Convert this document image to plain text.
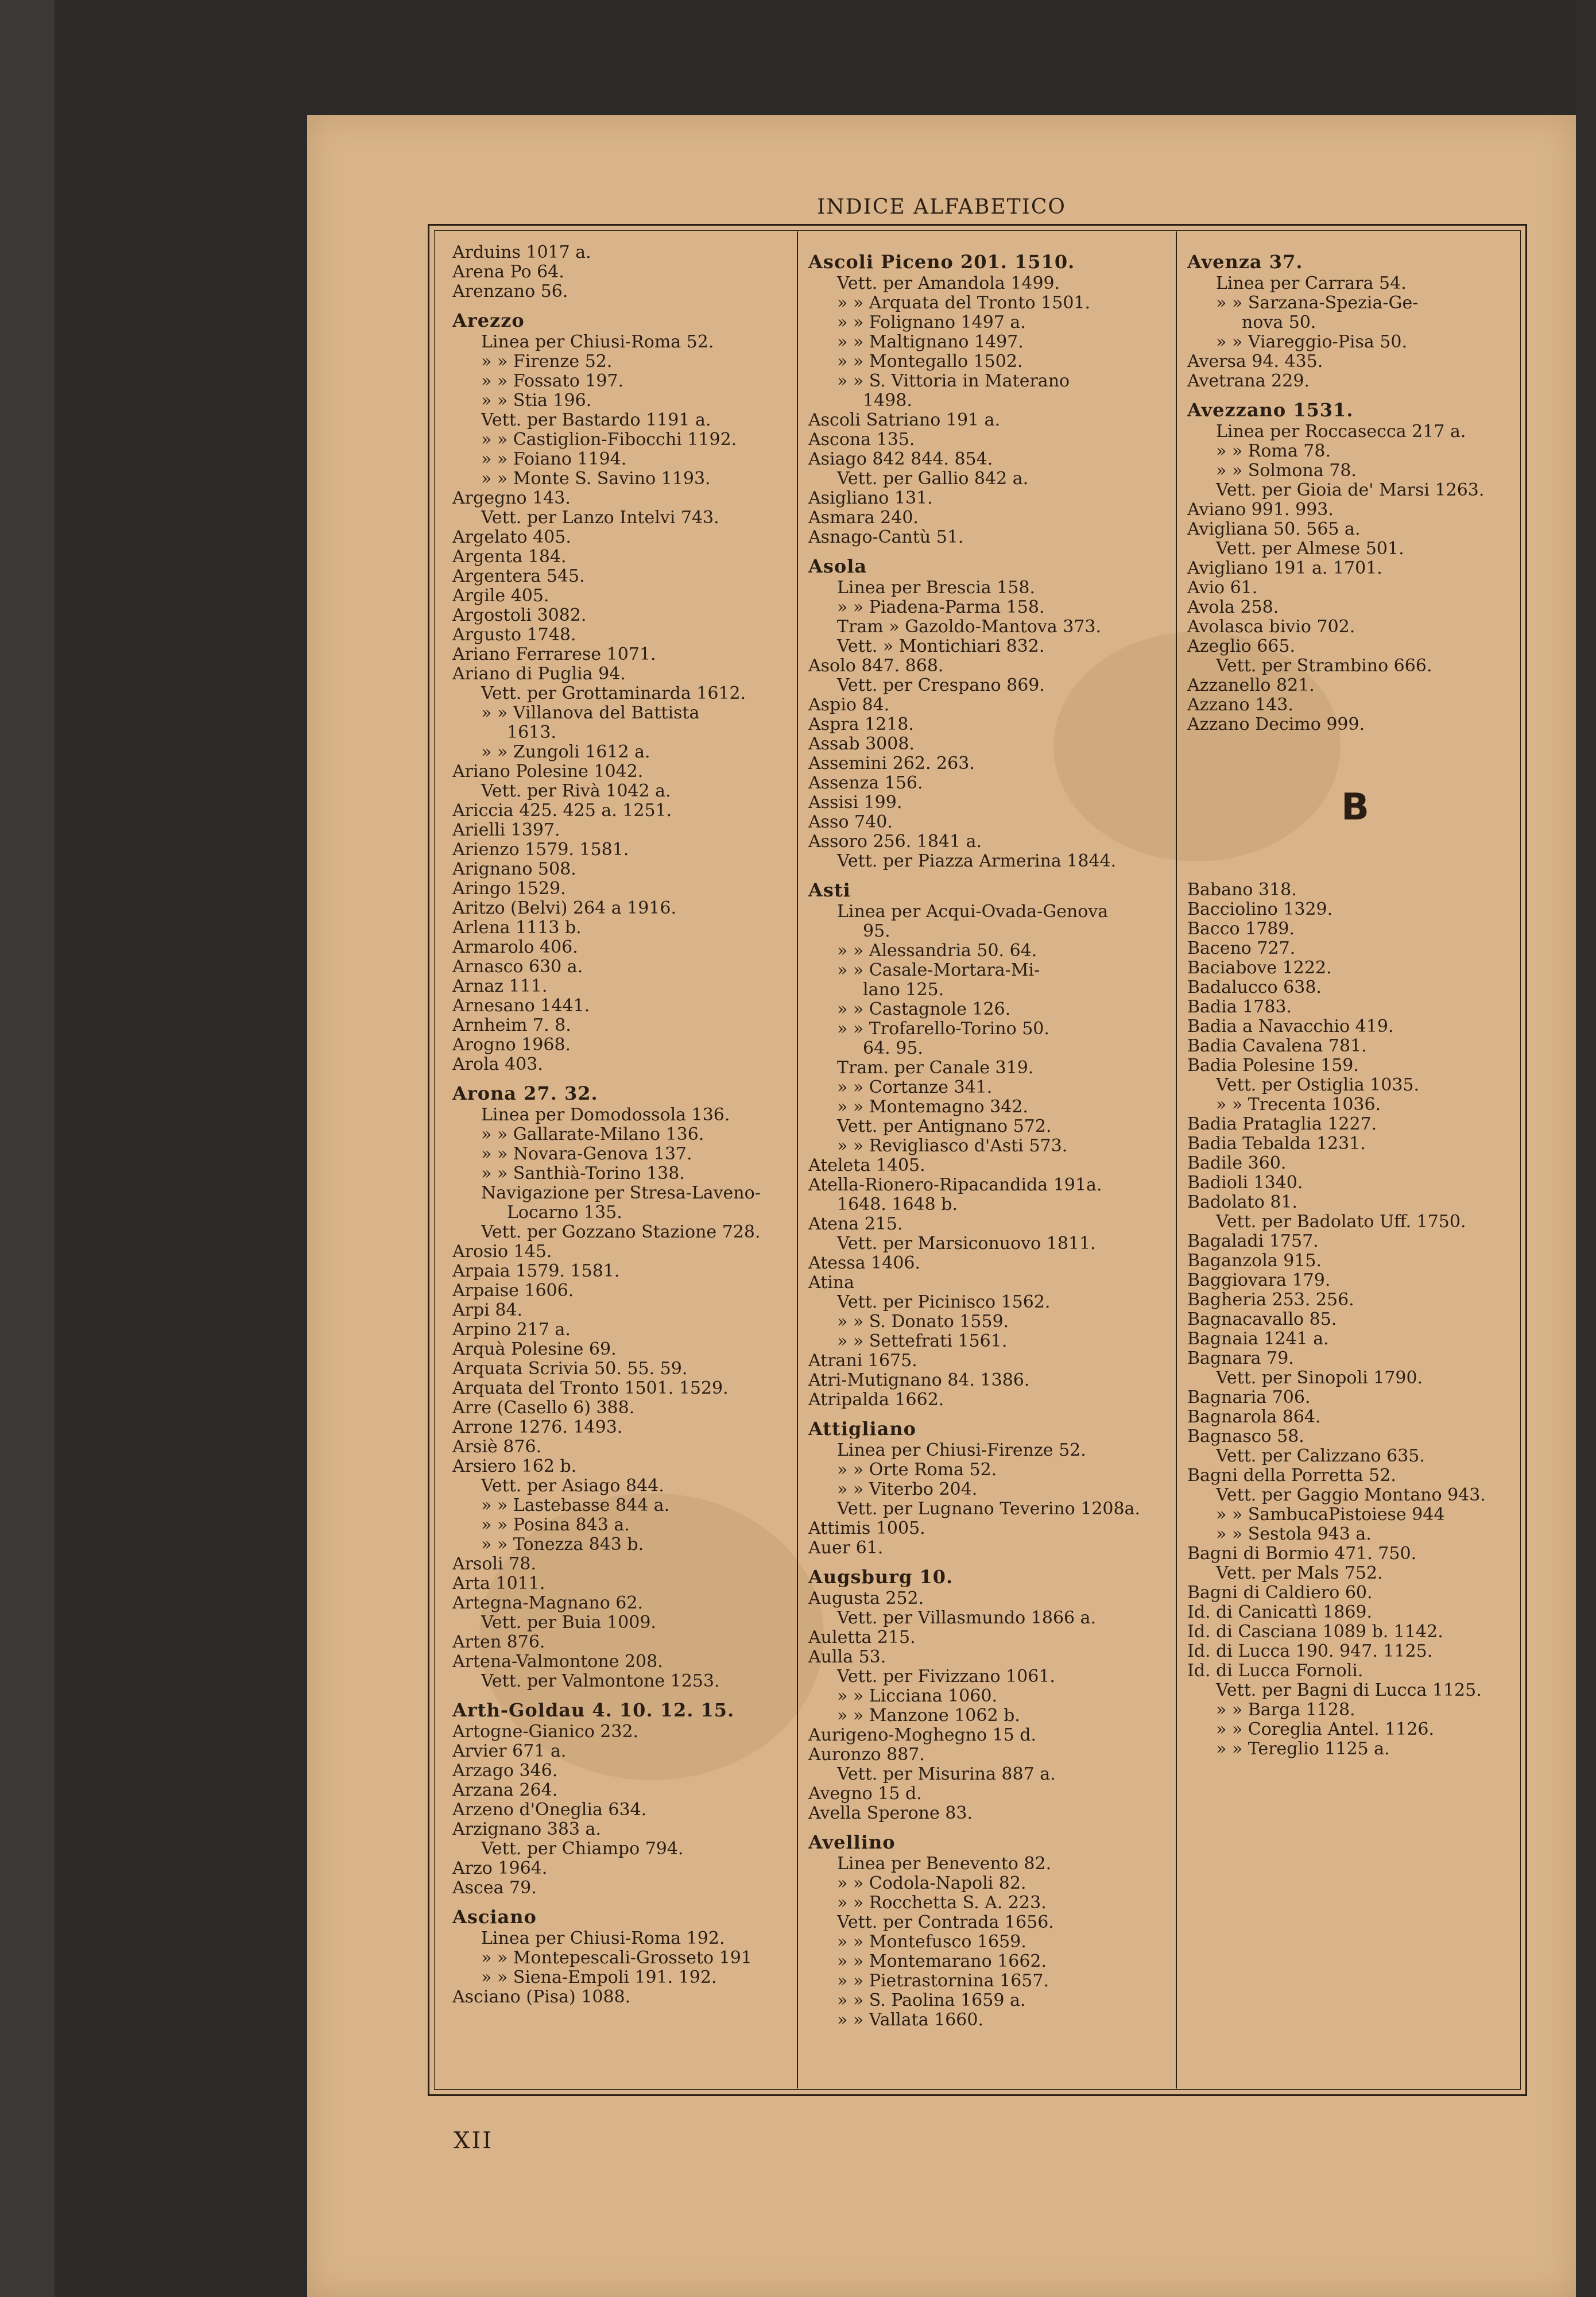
INDICE ALFABETICO
Arduins 1017 a.
Arena Po 64.
Arenzano 56.
Arezzo
Linea per Chiusi-Roma 52.
» » Firenze 52.
» » Fossato 197.
» » Stia 196.
Vett. per Bastardo 1191 a.
» » Castiglion-Fibocchi 1192.
» » Foiano 1194.
» » Monte S. Savino 1193.
Argegno 143.
Vett. per Lanzo Intelvi 743.
Argelato 405.
Argenta 184.
Argentera 545.
Argile 405.
Argostoli 3082.
Argusto 1748.
Ariano Ferrarese 1071.
Ariano di Puglia 94.
Vett. per Grottaminarda 1612.
» » Villanova del Battista
1613.
» » Zungoli 1612 a.
Ariano Polesine 1042.
Vett. per Rivà 1042 a.
Ariccia 425. 425 a. 1251.
Arielli 1397.
Arienzo 1579. 1581.
Arignano 508.
Aringo 1529.
Aritzo (Belvi) 264 a 1916.
Arlena 1113 b.
Armarolo 406.
Arnasco 630 a.
Arnaz 111.
Arnesano 1441.
Arnheim 7. 8.
Arogno 1968.
Arola 403.
Arona 27. 32.
Linea per Domodossola 136.
» » Gallarate-Milano 136.
» » Novara-Genova 137.
» » Santhià-Torino 138.
Navigazione per Stresa-Laveno-
Locarno 135.
Vett. per Gozzano Stazione 728.
Arosio 145.
Arpaia 1579. 1581.
Arpaise 1606.
Arpi 84.
Arpino 217 a.
Arquà Polesine 69.
Arquata Scrivia 50. 55. 59.
Arquata del Tronto 1501. 1529.
Arre (Casello 6) 388.
Arrone 1276. 1493.
Arsiè 876.
Arsiero 162 b.
Vett. per Asiago 844.
» » Lastebasse 844 a.
» » Posina 843 a.
» » Tonezza 843 b.
Arsoli 78.
Arta 1011.
Artegna-Magnano 62.
Vett. per Buia 1009.
Arten 876.
Artena-Valmontone 208.
Vett. per Valmontone 1253.
Arth-Goldau 4. 10. 12. 15.
Artogne-Gianico 232.
Arvier 671 a.
Arzago 346.
Arzana 264.
Arzeno d'Oneglia 634.
Arzignano 383 a.
Vett. per Chiampo 794.
Arzo 1964.
Ascea 79.
Asciano
Linea per Chiusi-Roma 192.
» » Montepescali-Grosseto 191
» » Siena-Empoli 191. 192.
Asciano (Pisa) 1088.
Ascoli Piceno 201. 1510.
Vett. per Amandola 1499.
» » Arquata del Tronto 1501.
» » Folignano 1497 a.
» » Maltignano 1497.
» » Montegallo 1502.
» » S. Vittoria in Materano
1498.
Ascoli Satriano 191 a.
Ascona 135.
Asiago 842 844. 854.
Vett. per Gallio 842 a.
Asigliano 131.
Asmara 240.
Asnago-Cantù 51.
Asola
Linea per Brescia 158.
» » Piadena-Parma 158.
Tram » Gazoldo-Mantova 373.
Vett. » Montichiari 832.
Asolo 847. 868.
Vett. per Crespano 869.
Aspio 84.
Aspra 1218.
Assab 3008.
Assemini 262. 263.
Assenza 156.
Assisi 199.
Asso 740.
Assoro 256. 1841 a.
Vett. per Piazza Armerina 1844.
Asti
Linea per Acqui-Ovada-Genova
95.
» » Alessandria 50. 64.
» » Casale-Mortara-Mi-
lano 125.
» » Castagnole 126.
» » Trofarello-Torino 50.
64. 95.
Tram. per Canale 319.
» » Cortanze 341.
» » Montemagno 342.
Vett. per Antignano 572.
» » Revigliasco d'Asti 573.
Ateleta 1405.
Atella-Rionero-Ripacandida 191a.
1648. 1648 b.
Atena 215.
Vett. per Marsiconuovo 1811.
Atessa 1406.
Atina
Vett. per Picinisco 1562.
» » S. Donato 1559.
» » Settefrati 1561.
Atrani 1675.
Atri-Mutignano 84. 1386.
Atripalda 1662.
Attigliano
Linea per Chiusi-Firenze 52.
» » Orte Roma 52.
» » Viterbo 204.
Vett. per Lugnano Teverino 1208a.
Attimis 1005.
Auer 61.
Augsburg 10.
Augusta 252.
Vett. per Villasmundo 1866 a.
Auletta 215.
Aulla 53.
Vett. per Fivizzano 1061.
» » Licciana 1060.
» » Manzone 1062 b.
Aurigeno-Moghegno 15 d.
Auronzo 887.
Vett. per Misurina 887 a.
Avegno 15 d.
Avella Sperone 83.
Avellino
Linea per Benevento 82.
» » Codola-Napoli 82.
» » Rocchetta S. A. 223.
Vett. per Contrada 1656.
» » Montefusco 1659.
» » Montemarano 1662.
» » Pietrastornina 1657.
» » S. Paolina 1659 a.
» » Vallata 1660.
Avenza 37.
Linea per Carrara 54.
» » Sarzana-Spezia-Ge-
nova 50.
» » Viareggio-Pisa 50.
Aversa 94. 435.
Avetrana 229.
Avezzano 1531.
Linea per Roccasecca 217 a.
» » Roma 78.
» » Solmona 78.
Vett. per Gioia de' Marsi 1263.
Aviano 991. 993.
Avigliana 50. 565 a.
Vett. per Almese 501.
Avigliano 191 a. 1701.
Avio 61.
Avola 258.
Avolasca bivio 702.
Azeglio 665.
Vett. per Strambino 666.
Azzanello 821.
Azzano 143.
Azzano Decimo 999.
B
Babano 318.
Bacciolino 1329.
Bacco 1789.
Baceno 727.
Baciabove 1222.
Badalucco 638.
Badia 1783.
Badia a Navacchio 419.
Badia Cavalena 781.
Badia Polesine 159.
Vett. per Ostiglia 1035.
» » Trecenta 1036.
Badia Prataglia 1227.
Badia Tebalda 1231.
Badile 360.
Badioli 1340.
Badolato 81.
Vett. per Badolato Uff. 1750.
Bagaladi 1757.
Baganzola 915.
Baggiovara 179.
Bagheria 253. 256.
Bagnacavallo 85.
Bagnaia 1241 a.
Bagnara 79.
Vett. per Sinopoli 1790.
Bagnaria 706.
Bagnarola 864.
Bagnasco 58.
Vett. per Calizzano 635.
Bagni della Porretta 52.
Vett. per Gaggio Montano 943.
» » SambucaPistoiese 944
» » Sestola 943 a.
Bagni di Bormio 471. 750.
Vett. per Mals 752.
Bagni di Caldiero 60.
Id. di Canicattì 1869.
Id. di Casciana 1089 b. 1142.
Id. di Lucca 190. 947. 1125.
Id. di Lucca Fornoli.
Vett. per Bagni di Lucca 1125.
» » Barga 1128.
» » Coreglia Antel. 1126.
» » Tereglio 1125 a.
XII
